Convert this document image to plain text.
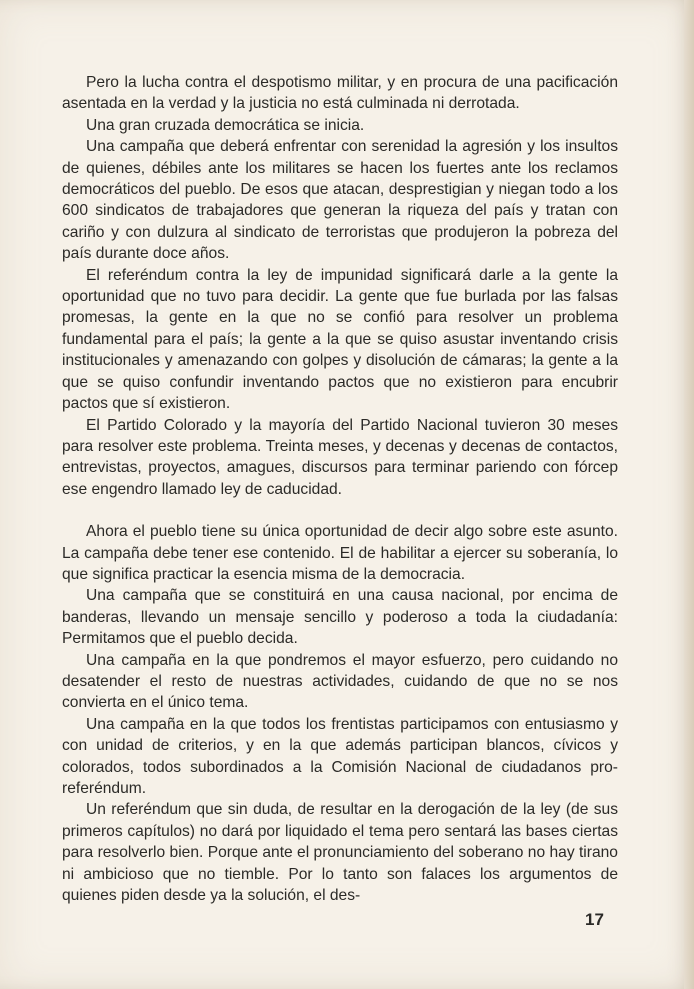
Pero la lucha contra el despotismo militar, y en procura de una pacificación asentada en la verdad y la justicia no está culminada ni derrotada.

Una gran cruzada democrática se inicia.

Una campaña que deberá enfrentar con serenidad la agresión y los insultos de quienes, débiles ante los militares se hacen los fuertes ante los reclamos democráticos del pueblo. De esos que atacan, desprestigian y niegan todo a los 600 sindicatos de trabajadores que generan la riqueza del país y tratan con cariño y con dulzura al sindicato de terroristas que produjeron la pobreza del país durante doce años.

El referéndum contra la ley de impunidad significará darle a la gente la oportunidad que no tuvo para decidir. La gente que fue burlada por las falsas promesas, la gente en la que no se confió para resolver un problema fundamental para el país; la gente a la que se quiso asustar inventando crisis institucionales y amenazando con golpes y disolución de cámaras; la gente a la que se quiso confundir inventando pactos que no existieron para encubrir pactos que sí existieron.

El Partido Colorado y la mayoría del Partido Nacional tuvieron 30 meses para resolver este problema. Treinta meses, y decenas y decenas de contactos, entrevistas, proyectos, amagues, discursos para terminar pariendo con fórcep ese engendro llamado ley de caducidad.

Ahora el pueblo tiene su única oportunidad de decir algo sobre este asunto. La campaña debe tener ese contenido. El de habilitar a ejercer su soberanía, lo que significa practicar la esencia misma de la democracia.

Una campaña que se constituirá en una causa nacional, por encima de banderas, llevando un mensaje sencillo y poderoso a toda la ciudadanía: Permitamos que el pueblo decida.

Una campaña en la que pondremos el mayor esfuerzo, pero cuidando no desatender el resto de nuestras actividades, cuidando de que no se nos convierta en el único tema.

Una campaña en la que todos los frentistas participamos con entusiasmo y con unidad de criterios, y en la que además participan blancos, cívicos y colorados, todos subordinados a la Comisión Nacional de ciudadanos pro-referéndum.

Un referéndum que sin duda, de resultar en la derogación de la ley (de sus primeros capítulos) no dará por liquidado el tema pero sentará las bases ciertas para resolverlo bien. Porque ante el pronunciamiento del soberano no hay tirano ni ambicioso que no tiemble. Por lo tanto son falaces los argumentos de quienes piden desde ya la solución, el des-

17
